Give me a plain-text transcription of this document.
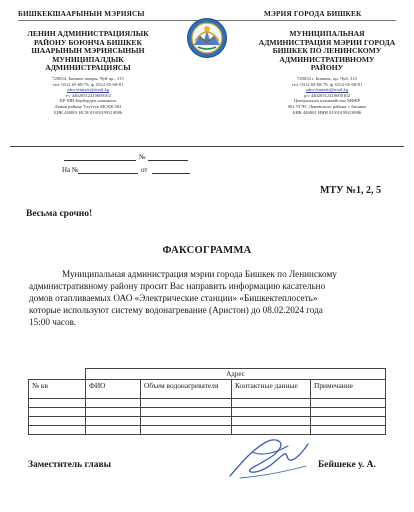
БИШКЕКШААРЫНЫН МЭРИЯСЫ	МЭРИЯ ГОРОДА БИШКЕК
ЛЕНИН АДМИНИСТРАЦИЯЛЫК
РАЙОНУ БОЮНЧА БИШКЕК
ШААРЫНЫН МЭРИЯСЫНЫН
МУНИЦИПАЛДЫК
АДМИНИСТРАЦИЯСЫ
720054, Бишкек шаары, Чуй пр., 315
тел. 0312 65-68-78, ф. 0312 65-68-81
adm-leninski@mail.kg
т/с 44020512410000102
КР-МН Борбордук казынасы
Ленин району Улуттук МСКК 002
БИК 440001 ИСН 01910199210086
МУНИЦИПАЛЬНАЯ
АДМИНИСТРАЦИЯ МЭРИИ ГОРОДА
БИШКЕК ПО ЛЕНИНСКОМУ
АДМИНИСТРАТИВНОМУ
РАЙОНУ
720054 г. Бишкек, пр. Чуй, 315
тел. 0312 65-68-78, ф. 0312 65-68-81
adm-leninski@mail.kg
р/с 44020512410000102
Центральное казначейство МФКР
002 УГЧС Ленинского района г. Бишкек
БИК 440001 ИНН 01910199210086
№
На №	от
МТУ №1, 2, 5
Весьма срочно!
ФАКСОГРАММА
Муниципальная администрация мэрии города Бишкек по Ленинскому
административному району просит Вас направить информацию касательно
домов отапливаемых ОАО «Электрические станции» «Бишкектеплосеть»
которые используют систему водонагревание (Аристон) до 08.02.2024 года
15:00 часов.
	Адрес			
№ кв	ФИО	Объем водонагревателя	Контактные данные	Примечание

Заместитель главы	Бейшеке у. А.
